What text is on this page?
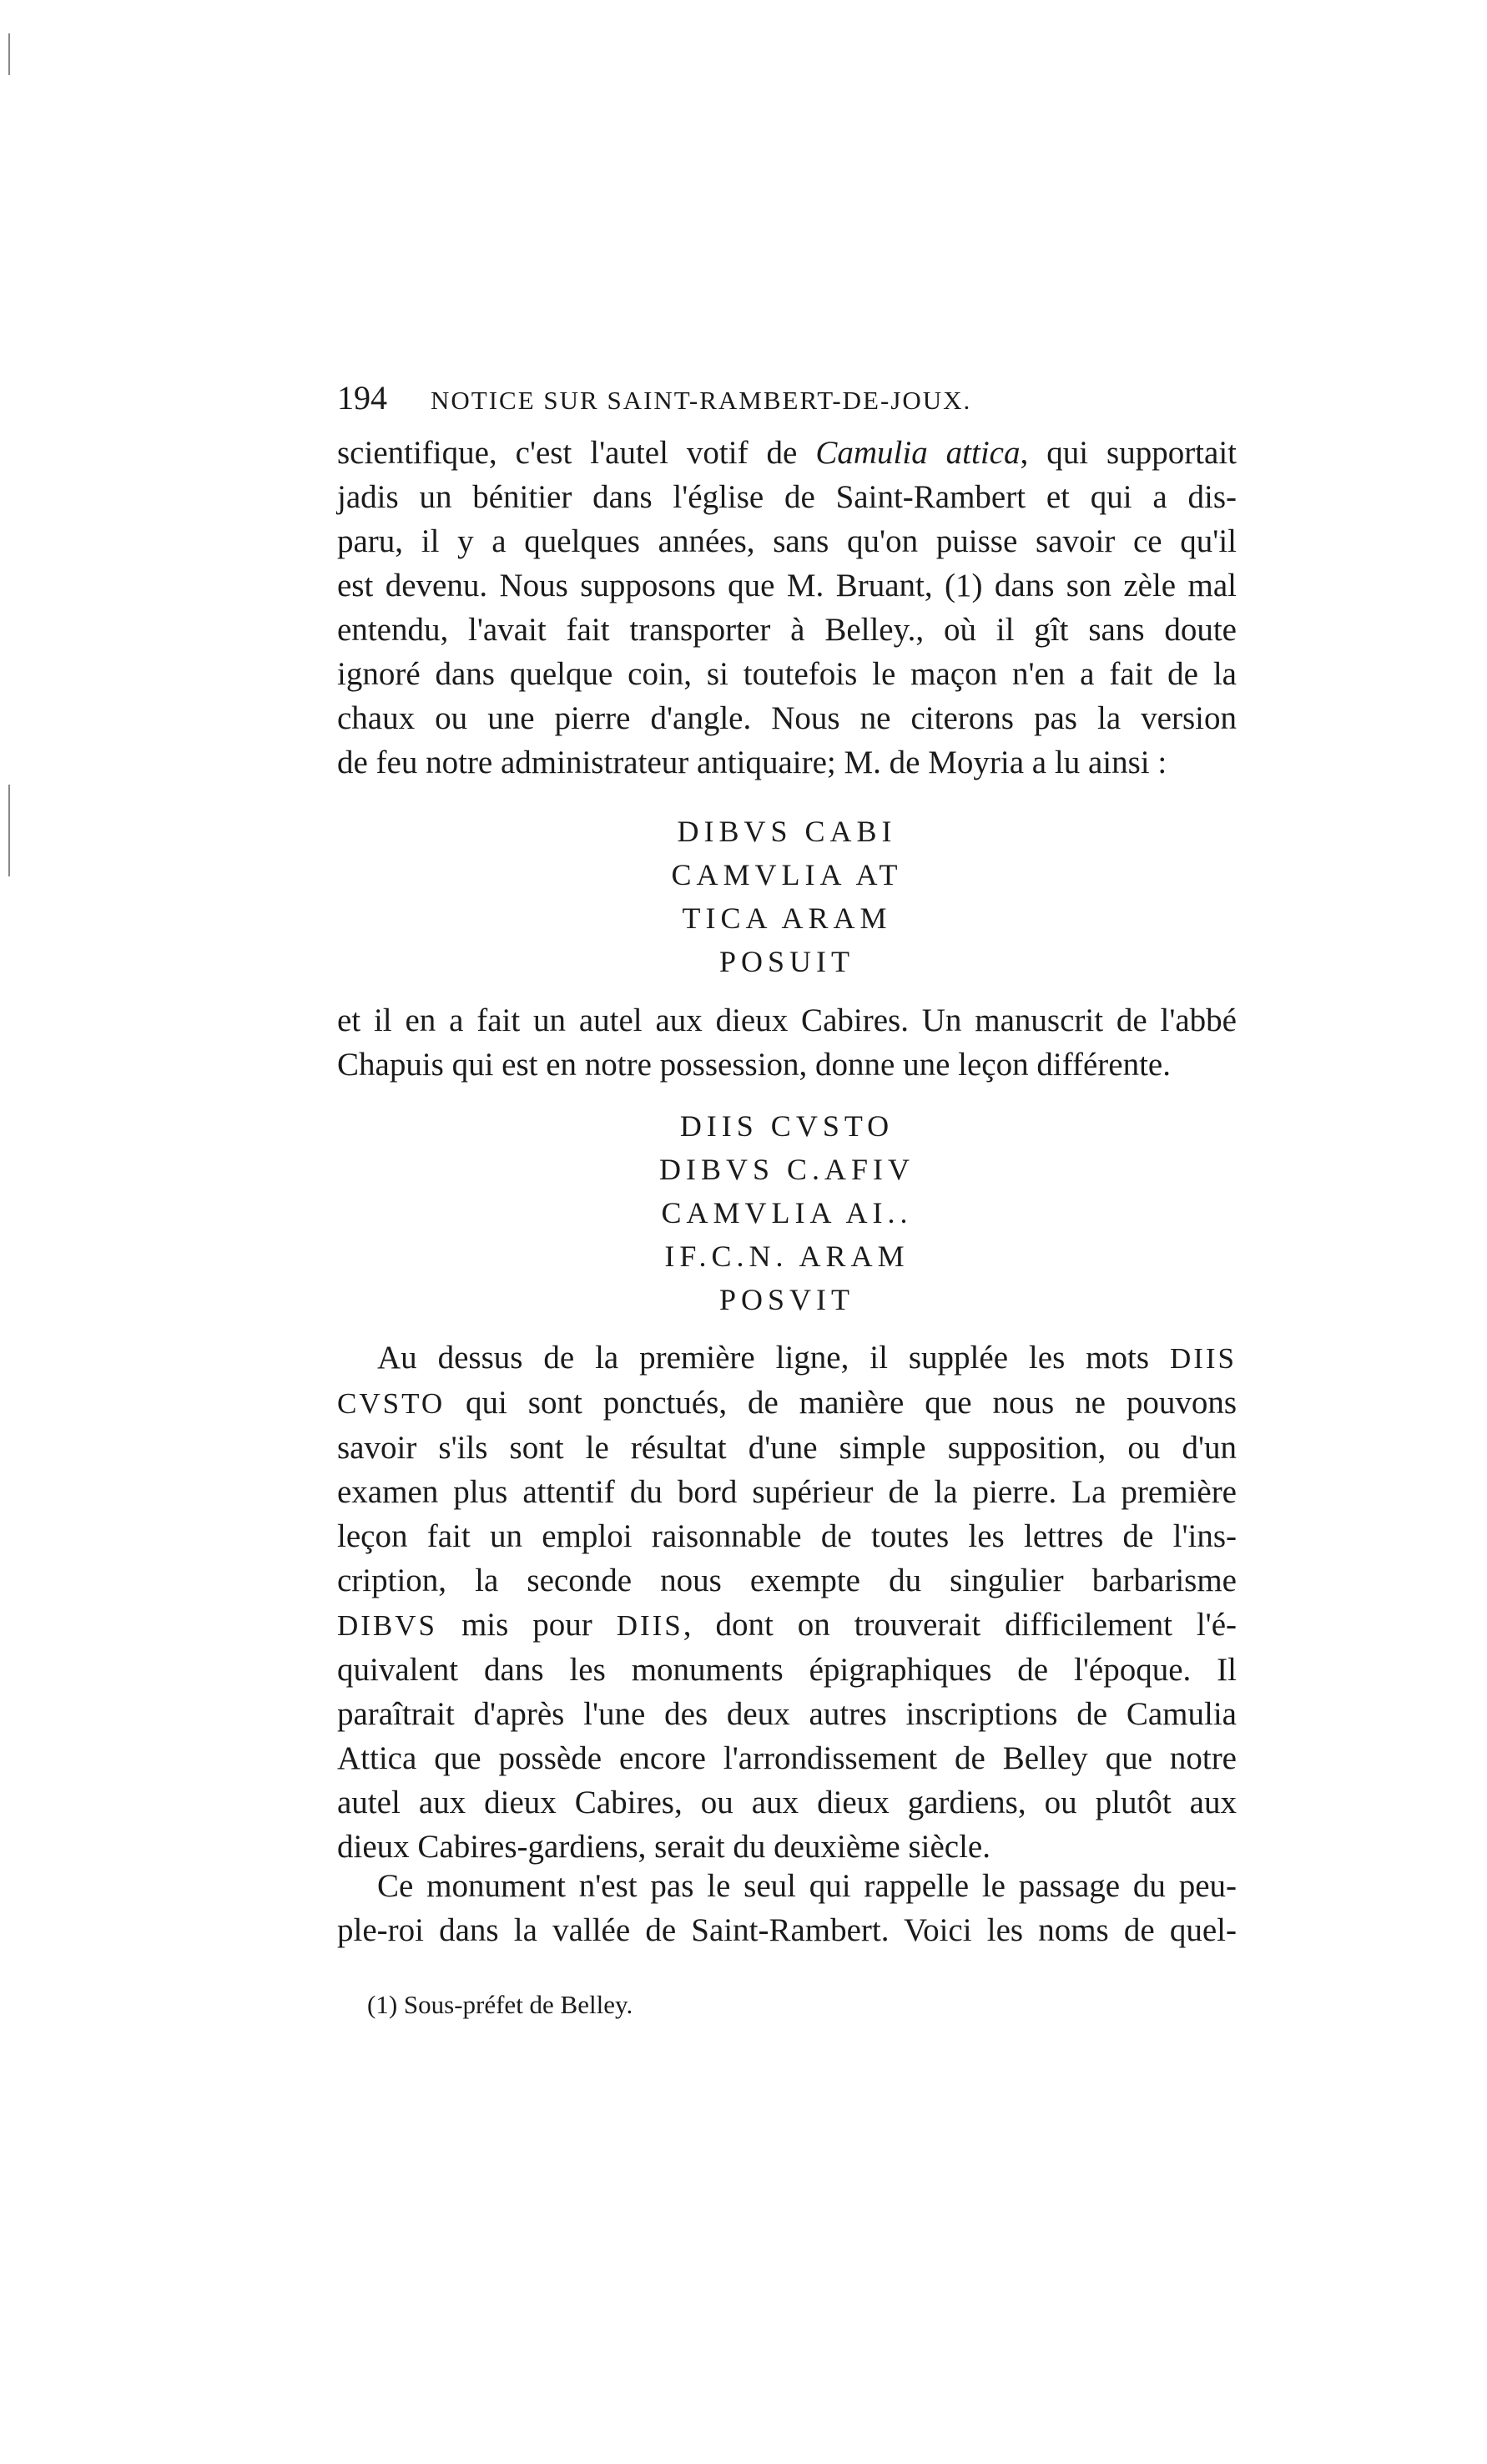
194 NOTICE SUR SAINT-RAMBERT-DE-JOUX.

scientifique, c'est l'autel votif de Camulia attica, qui supportait

jadis un bénitier dans l'église de Saint-Rambert et qui a dis-

paru, il y a quelques années, sans qu'on puisse savoir ce qu'il

est devenu. Nous supposons que M. Bruant, (1) dans son zèle mal

entendu, l'avait fait transporter à Belley., où il gît sans doute

ignoré dans quelque coin, si toutefois le maçon n'en a fait de la

chaux ou une pierre d'angle. Nous ne citerons pas la version

de feu notre administrateur antiquaire; M. de Moyria a lu ainsi :

DIBVS CABI
CAMVLIA AT
TICA ARAM
POSUIT

et il en a fait un autel aux dieux Cabires. Un manuscrit de l'abbé

Chapuis qui est en notre possession, donne une leçon différente.

DIIS CVSTO
DIBVS C.AFIV
CAMVLIA AI..
IF.C.N. ARAM
POSVIT

Au dessus de la première ligne, il supplée les mots DIIS

CVSTO qui sont ponctués, de manière que nous ne pouvons

savoir s'ils sont le résultat d'une simple supposition, ou d'un

examen plus attentif du bord supérieur de la pierre. La première

leçon fait un emploi raisonnable de toutes les lettres de l'ins-

cription, la seconde nous exempte du singulier barbarisme

DIBVS mis pour DIIS, dont on trouverait difficilement l'é-

quivalent dans les monuments épigraphiques de l'époque. Il

paraîtrait d'après l'une des deux autres inscriptions de Camulia

Attica que possède encore l'arrondissement de Belley que notre

autel aux dieux Cabires, ou aux dieux gardiens, ou plutôt aux

dieux Cabires-gardiens, serait du deuxième siècle.

Ce monument n'est pas le seul qui rappelle le passage du peu-

ple-roi dans la vallée de Saint-Rambert. Voici les noms de quel-

(1) Sous-préfet de Belley.
